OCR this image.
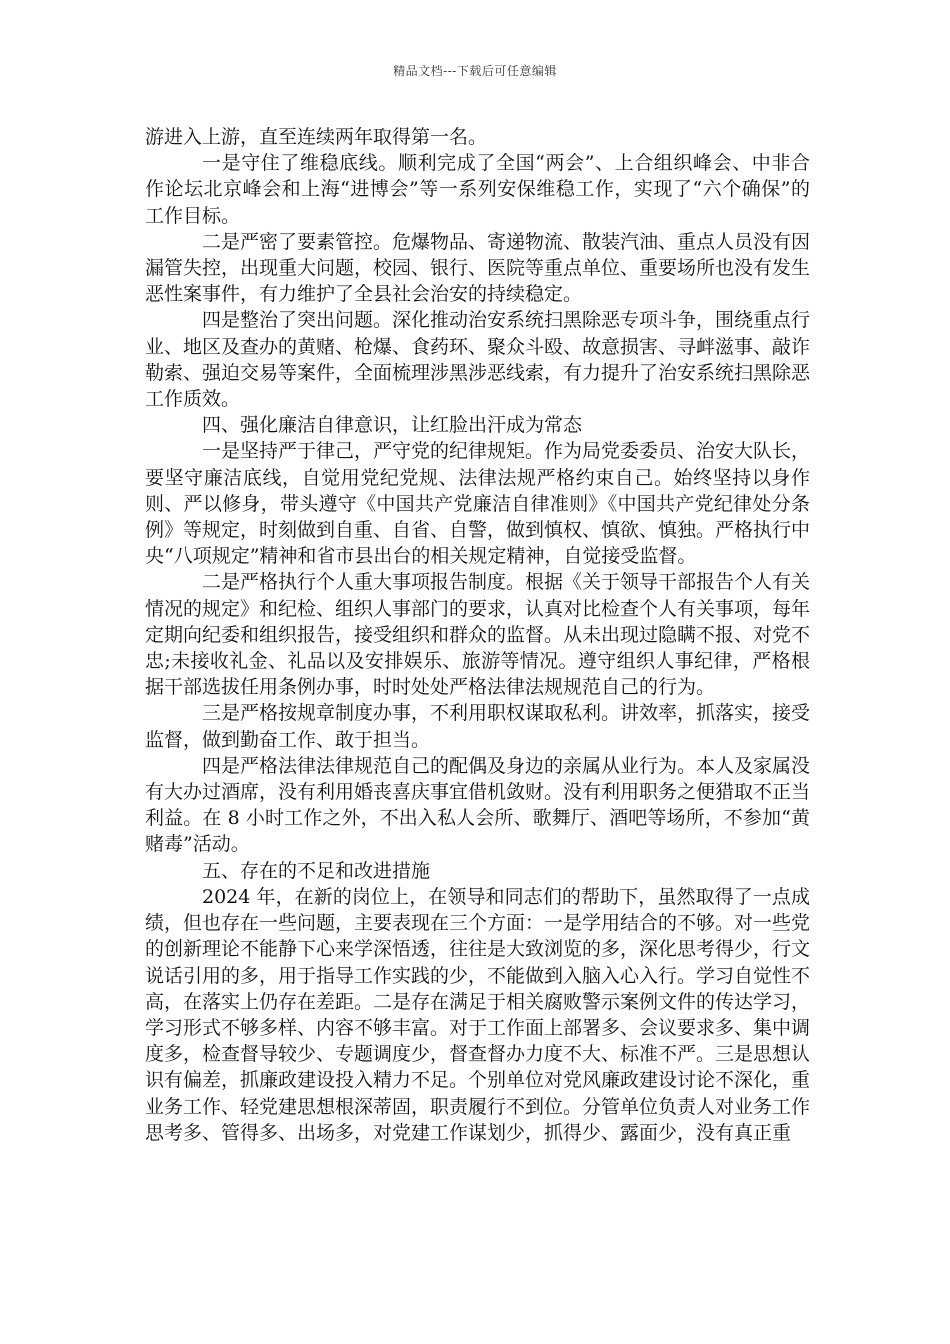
精品文档---下载后可任意编辑

游进入上游，直至连续两年取得第一名。

一是守住了维稳底线。顺利完成了全国“两会”、上合组织峰会、中非合作论坛北京峰会和上海“进博会”等一系列安保维稳工作，实现了“六个确保”的工作目标。

二是严密了要素管控。危爆物品、寄递物流、散装汽油、重点人员没有因漏管失控，出现重大问题，校园、银行、医院等重点单位、重要场所也没有发生恶性案事件，有力维护了全县社会治安的持续稳定。

四是整治了突出问题。深化推动治安系统扫黑除恶专项斗争，围绕重点行业、地区及查办的黄赌、枪爆、食药环、聚众斗殴、故意损害、寻衅滋事、敲诈勒索、强迫交易等案件，全面梳理涉黑涉恶线索，有力提升了治安系统扫黑除恶工作质效。

四、强化廉洁自律意识，让红脸出汗成为常态

一是坚持严于律己，严守党的纪律规矩。作为局党委委员、治安大队长，要坚守廉洁底线，自觉用党纪党规、法律法规严格约束自己。始终坚持以身作则、严以修身，带头遵守《中国共产党廉洁自律准则》《中国共产党纪律处分条例》等规定，时刻做到自重、自省、自警，做到慎权、慎欲、慎独。严格执行中央“八项规定”精神和省市县出台的相关规定精神，自觉接受监督。

二是严格执行个人重大事项报告制度。根据《关于领导干部报告个人有关情况的规定》和纪检、组织人事部门的要求，认真对比检查个人有关事项，每年定期向纪委和组织报告，接受组织和群众的监督。从未出现过隐瞒不报、对党不忠;未接收礼金、礼品以及安排娱乐、旅游等情况。遵守组织人事纪律，严格根据干部选拔任用条例办事，时时处处严格法律法规规范自己的行为。

三是严格按规章制度办事，不利用职权谋取私利。讲效率，抓落实，接受监督，做到勤奋工作、敢于担当。

四是严格法律法律规范自己的配偶及身边的亲属从业行为。本人及家属没有大办过酒席，没有利用婚丧喜庆事宜借机敛财。没有利用职务之便猎取不正当利益。在 8 小时工作之外，不出入私人会所、歌舞厅、酒吧等场所，不参加“黄赌毒”活动。

五、存在的不足和改进措施

2024 年，在新的岗位上，在领导和同志们的帮助下，虽然取得了一点成绩，但也存在一些问题，主要表现在三个方面：一是学用结合的不够。对一些党的创新理论不能静下心来学深悟透，往往是大致浏览的多，深化思考得少，行文说话引用的多，用于指导工作实践的少，不能做到入脑入心入行。学习自觉性不高，在落实上仍存在差距。二是存在满足于相关腐败警示案例文件的传达学习，学习形式不够多样、内容不够丰富。对于工作面上部署多、会议要求多、集中调度多，检查督导较少、专题调度少，督查督办力度不大、标准不严。三是思想认识有偏差，抓廉政建设投入精力不足。个别单位对党风廉政建设讨论不深化，重业务工作、轻党建思想根深蒂固，职责履行不到位。分管单位负责人对业务工作思考多、管得多、出场多，对党建工作谋划少，抓得少、露面少，没有真正重
